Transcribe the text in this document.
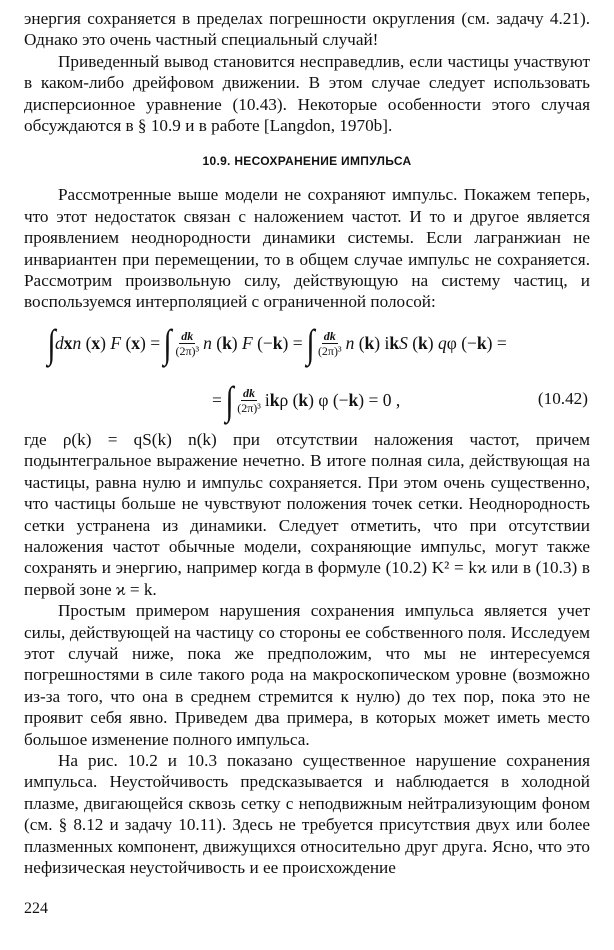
энергия сохраняется в пределах погрешности округления (см. задачу 4.21). Однако это очень частный специальный случай!

Приведенный вывод становится несправедлив, если частицы участвуют в каком-либо дрейфовом движении. В этом случае следует использовать дисперсионное уравнение (10.43). Некоторые особенности этого случая обсуждаются в § 10.9 и в работе [Langdon, 1970b].

10.9. НЕСОХРАНЕНИЕ ИМПУЛЬСА

Рассмотренные выше модели не сохраняют импульс. Покажем теперь, что этот недостаток связан с наложением частот. И то и другое является проявлением неоднородности динамики системы. Если лагранжиан не инвариантен при перемещении, то в общем случае импульс не сохраняется. Рассмотрим произвольную силу, действующую на систему частиц, и воспользуемся интерполяцией с ограниченной полосой:

∫ d x n ( x ) F ( x ) = ∫ $\frac{dk}{\text{(2π)³}}$ n ( k ) F (− k ) = ∫ $\frac{dk}{\text{(2π)³}}$ n ( k ) i k S ( k ) q φ (− k ) =
= ∫ $\frac{dk}{\text{(2π)³}}$ i k ρ ( k ) φ (− k ) = 0 ,	(10.42)

где ρ(k) = qS(k) n(k) при отсутствии наложения частот, причем подынтегральное выражение нечетно. В итоге полная сила, действующая на частицы, равна нулю и импульс сохраняется. При этом очень существенно, что частицы больше не чувствуют положения точек сетки. Неоднородность сетки устранена из динамики. Следует отметить, что при отсутствии наложения частот обычные модели, сохраняющие импульс, могут также сохранять и энергию, например когда в формуле (10.2) K² = kϰ или в (10.3) в первой зоне ϰ = k.

Простым примером нарушения сохранения импульса является учет силы, действующей на частицу со стороны ее собственного поля. Исследуем этот случай ниже, пока же предположим, что мы не интересуемся погрешностями в силе такого рода на макроскопическом уровне (возможно из-за того, что она в среднем стремится к нулю) до тех пор, пока это не проявит себя явно. Приведем два примера, в которых может иметь место большое изменение полного импульса.

На рис. 10.2 и 10.3 показано существенное нарушение сохранения импульса. Неустойчивость предсказывается и наблюдается в холодной плазме, двигающейся сквозь сетку с неподвижным нейтрализующим фоном (см. § 8.12 и задачу 10.11). Здесь не требуется присутствия двух или более плазменных компонент, движущихся относительно друг друга. Ясно, что это нефизическая неустойчивость и ее происхождение

224
